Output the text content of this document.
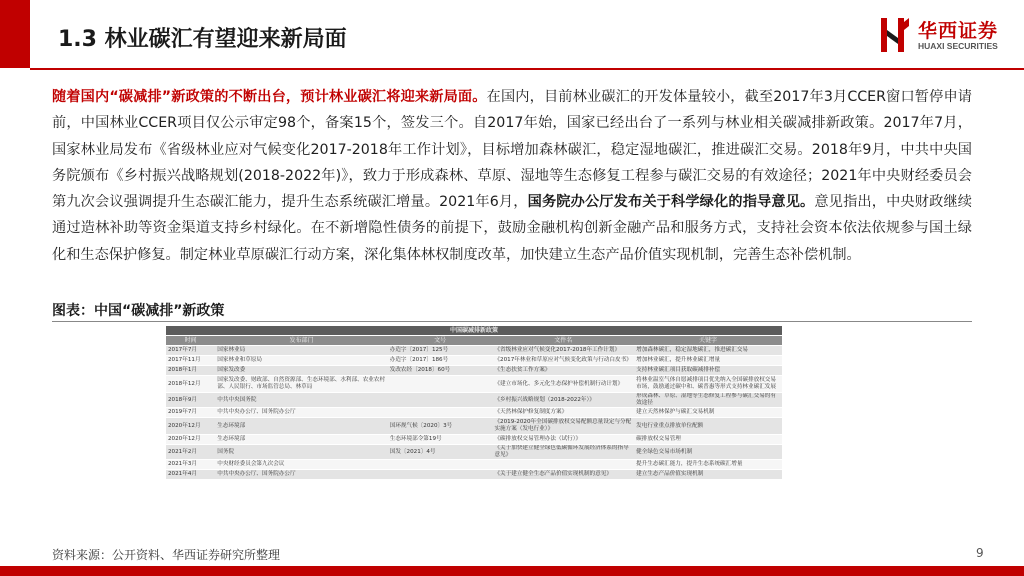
1.3 林业碳汇有望迎来新局面	华西证券
HUAXI SECURITIES
随着国内“碳减排”新政策的不断出台，预计林业碳汇将迎来新局面。在国内，目前林业碳汇的开发体量较小，截至2017年3月CCER窗口暂停申请前，中国林业CCER项目仅公示审定98个，备案15个，签发三个。自2017年始，国家已经出台了一系列与林业相关碳减排新政策。2017年7月，国家林业局发布《省级林业应对气候变化2017-2018年工作计划》，目标增加森林碳汇，稳定湿地碳汇，推进碳汇交易。2018年9月，中共中央国务院颁布《乡村振兴战略规划(2018-2022年)》，致力于形成森林、草原、湿地等生态修复工程参与碳汇交易的有效途径；2021年中央财经委员会第九次会议强调提升生态碳汇能力，提升生态系统碳汇增量。2021年6月，国务院办公厅发布关于科学绿化的指导意见。意见指出，中央财政继续通过造林补助等资金渠道支持乡村绿化。在不新增隐性债务的前提下，鼓励金融机构创新金融产品和服务方式，支持社会资本依法依规参与国土绿化和生态保护修复。制定林业草原碳汇行动方案，深化集体林权制度改革，加快建立生态产品价值实现机制，完善生态补偿机制。
图表：中国“碳减排”新政策
中国碳减排新政策				
时间	发布部门	文号	文件名	关键字
2017年7月	国家林业局	办造字〔2017〕125号	《省级林业应对气候变化2017-2018年工作计划》	增加森林碳汇，稳定湿地碳汇，推进碳汇交易
2017年11月	国家林业和草原局	办造字〔2017〕186号	《2017年林业和草原应对气候变化政策与行动白皮书》	增加林业碳汇，提升林业碳汇增量
2018年1月	国家发改委	发改农经〔2018〕60号	《生态扶贫工作方案》	支持林业碳汇项目获取碳减排补偿
2018年12月	国家发改委、财政部、自然资源部、生态环境部、水利部、农业农村部、人民银行、市场监管总局、林草局		《建立市场化、多元化生态保护补偿机制行动计划》	将林业温室气体自愿减排项目优先纳入全国碳排放权交易市场，鼓励通过碳中和、碳普惠等形式支持林业碳汇发展
2018年9月	中共中央国务院		《乡村振兴战略规划（2018-2022年）》	形成森林、草原、湿地等生态修复工程参与碳汇交易的有效途径
2019年7月	中共中央办公厅、国务院办公厅		《天然林保护修复制度方案》	建立天然林保护与碳汇交易机制
2020年12月	生态环境部	国环规气候〔2020〕3号	《2019-2020年全国碳排放权交易配额总量设定与分配实施方案（发电行业）》	发电行业重点排放单位配额
2020年12月	生态环境部	生态环境部令第19号	《碳排放权交易管理办法（试行）》	碳排放权交易管理
2021年2月	国务院	国发〔2021〕4号	《关于加快建立健全绿色低碳循环发展经济体系的指导意见》	健全绿色交易市场机制
2021年3月	中央财经委员会第九次会议			提升生态碳汇能力，提升生态系统碳汇增量
2021年4月	中共中央办公厅、国务院办公厅		《关于建立健全生态产品价值实现机制的意见》	建立生态产品价值实现机制
资料来源：公开资料、华西证券研究所整理	9
